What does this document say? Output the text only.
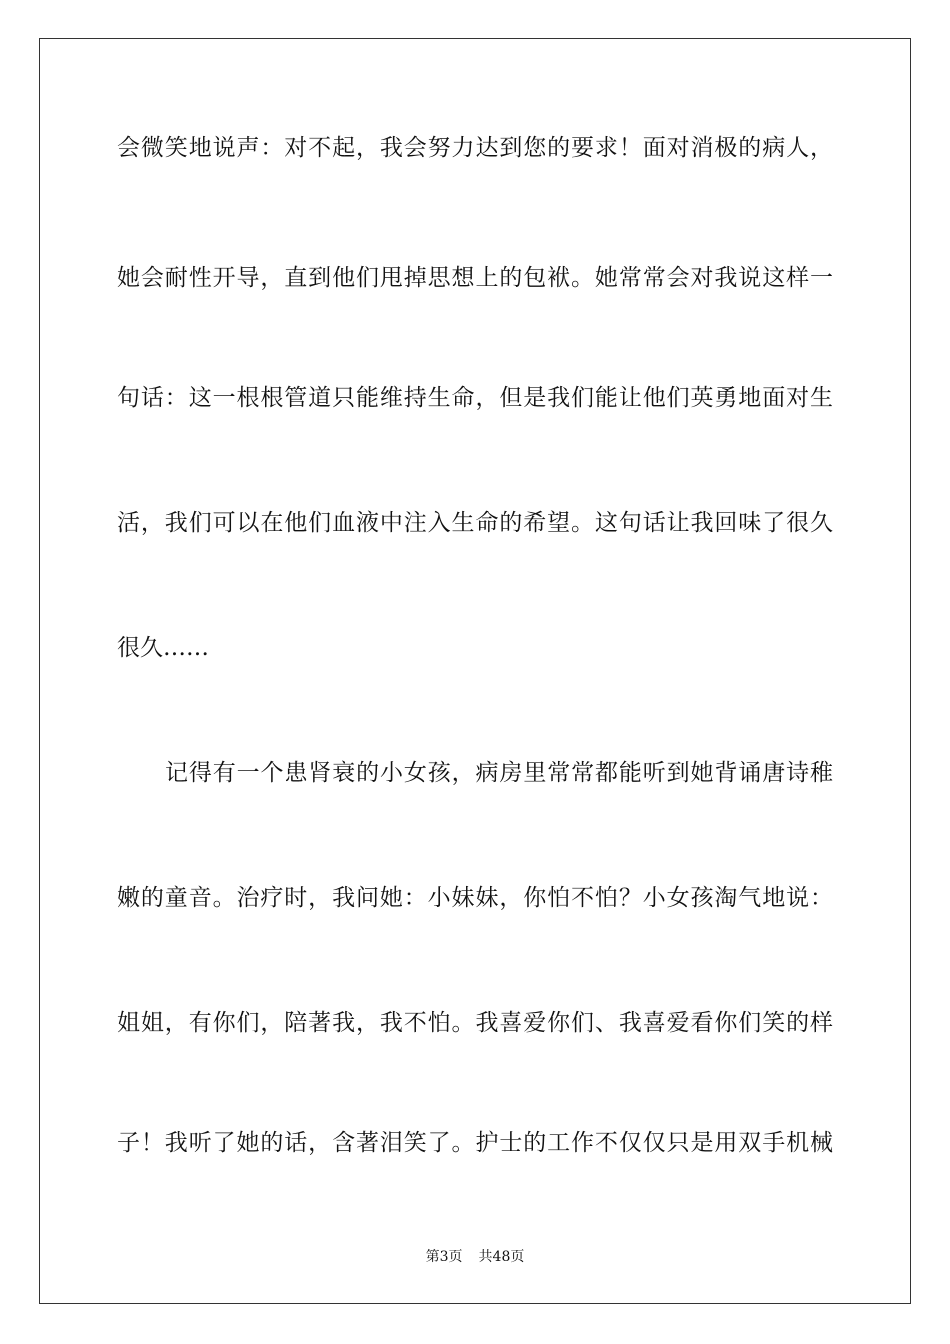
会微笑地说声：对不起，我会努力达到您的要求！面对消极的病人，
她会耐性开导，直到他们甩掉思想上的包袱。她常常会对我说这样一
句话：这一根根管道只能维持生命，但是我们能让他们英勇地面对生
活，我们可以在他们血液中注入生命的希望。这句话让我回味了很久
很久……
记得有一个患肾衰的小女孩，病房里常常都能听到她背诵唐诗稚
嫩的童音。治疗时，我问她：小妹妹，你怕不怕？小女孩淘气地说：
姐姐，有你们，陪著我，我不怕。我喜爱你们、我喜爱看你们笑的样
子！我听了她的话，含著泪笑了。护士的工作不仅仅只是用双手机械
第3页 共48页
